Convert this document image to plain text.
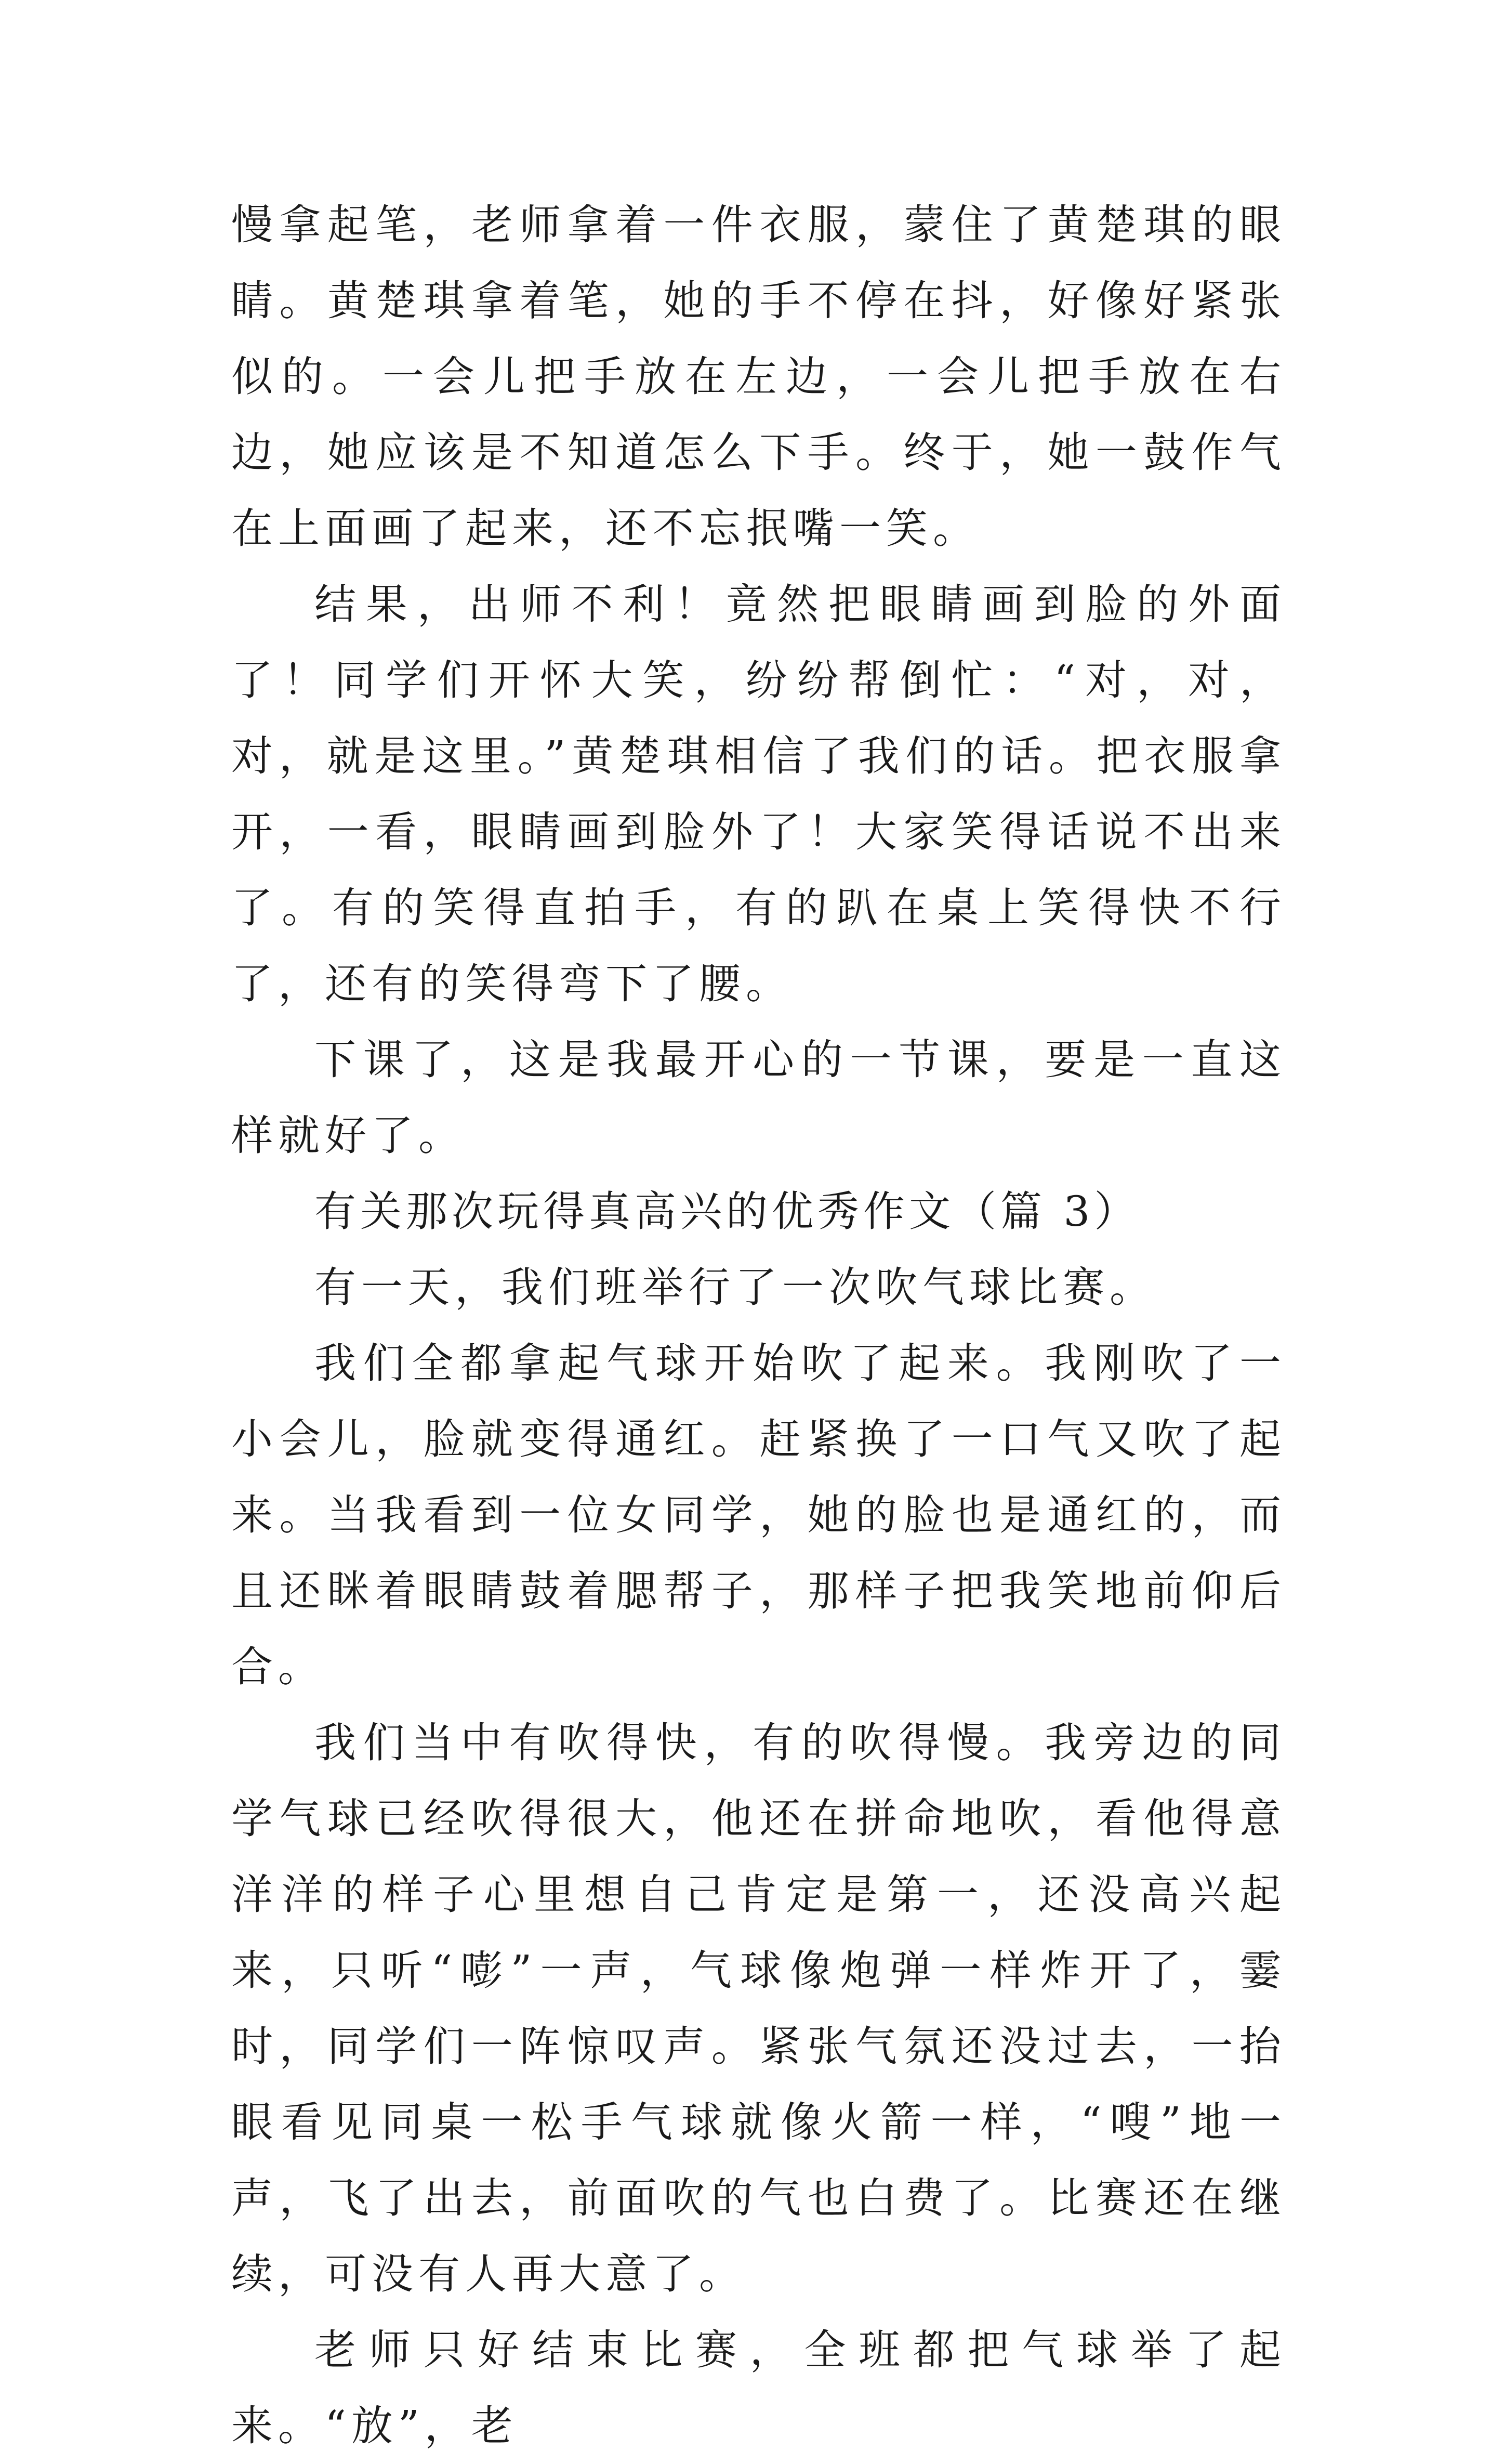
慢拿起笔，老师拿着一件衣服，蒙住了黄楚琪的眼睛。黄楚琪拿着笔，她的手不停在抖，好像好紧张似的。一会儿把手放在左边，一会儿把手放在右边，她应该是不知道怎么下手。终于，她一鼓作气在上面画了起来，还不忘抿嘴一笑。

结果，出师不利！竟然把眼睛画到脸的外面了！同学们开怀大笑，纷纷帮倒忙：“对，对，对，就是这里。”黄楚琪相信了我们的话。把衣服拿开，一看，眼睛画到脸外了！大家笑得话说不出来了。有的笑得直拍手，有的趴在桌上笑得快不行了，还有的笑得弯下了腰。

下课了，这是我最开心的一节课，要是一直这样就好了。

有关那次玩得真高兴的优秀作文（篇 3）

有一天，我们班举行了一次吹气球比赛。

我们全都拿起气球开始吹了起来。我刚吹了一小会儿，脸就变得通红。赶紧换了一口气又吹了起来。当我看到一位女同学，她的脸也是通红的，而且还眯着眼睛鼓着腮帮子，那样子把我笑地前仰后合。

我们当中有吹得快，有的吹得慢。我旁边的同学气球已经吹得很大，他还在拼命地吹，看他得意洋洋的样子心里想自己肯定是第一，还没高兴起来，只听“嘭”一声，气球像炮弹一样炸开了，霎时，同学们一阵惊叹声。紧张气氛还没过去，一抬眼看见同桌一松手气球就像火箭一样，“嗖”地一声，飞了出去，前面吹的气也白费了。比赛还在继续，可没有人再大意了。

老师只好结束比赛，全班都把气球举了起来。“放”，老
